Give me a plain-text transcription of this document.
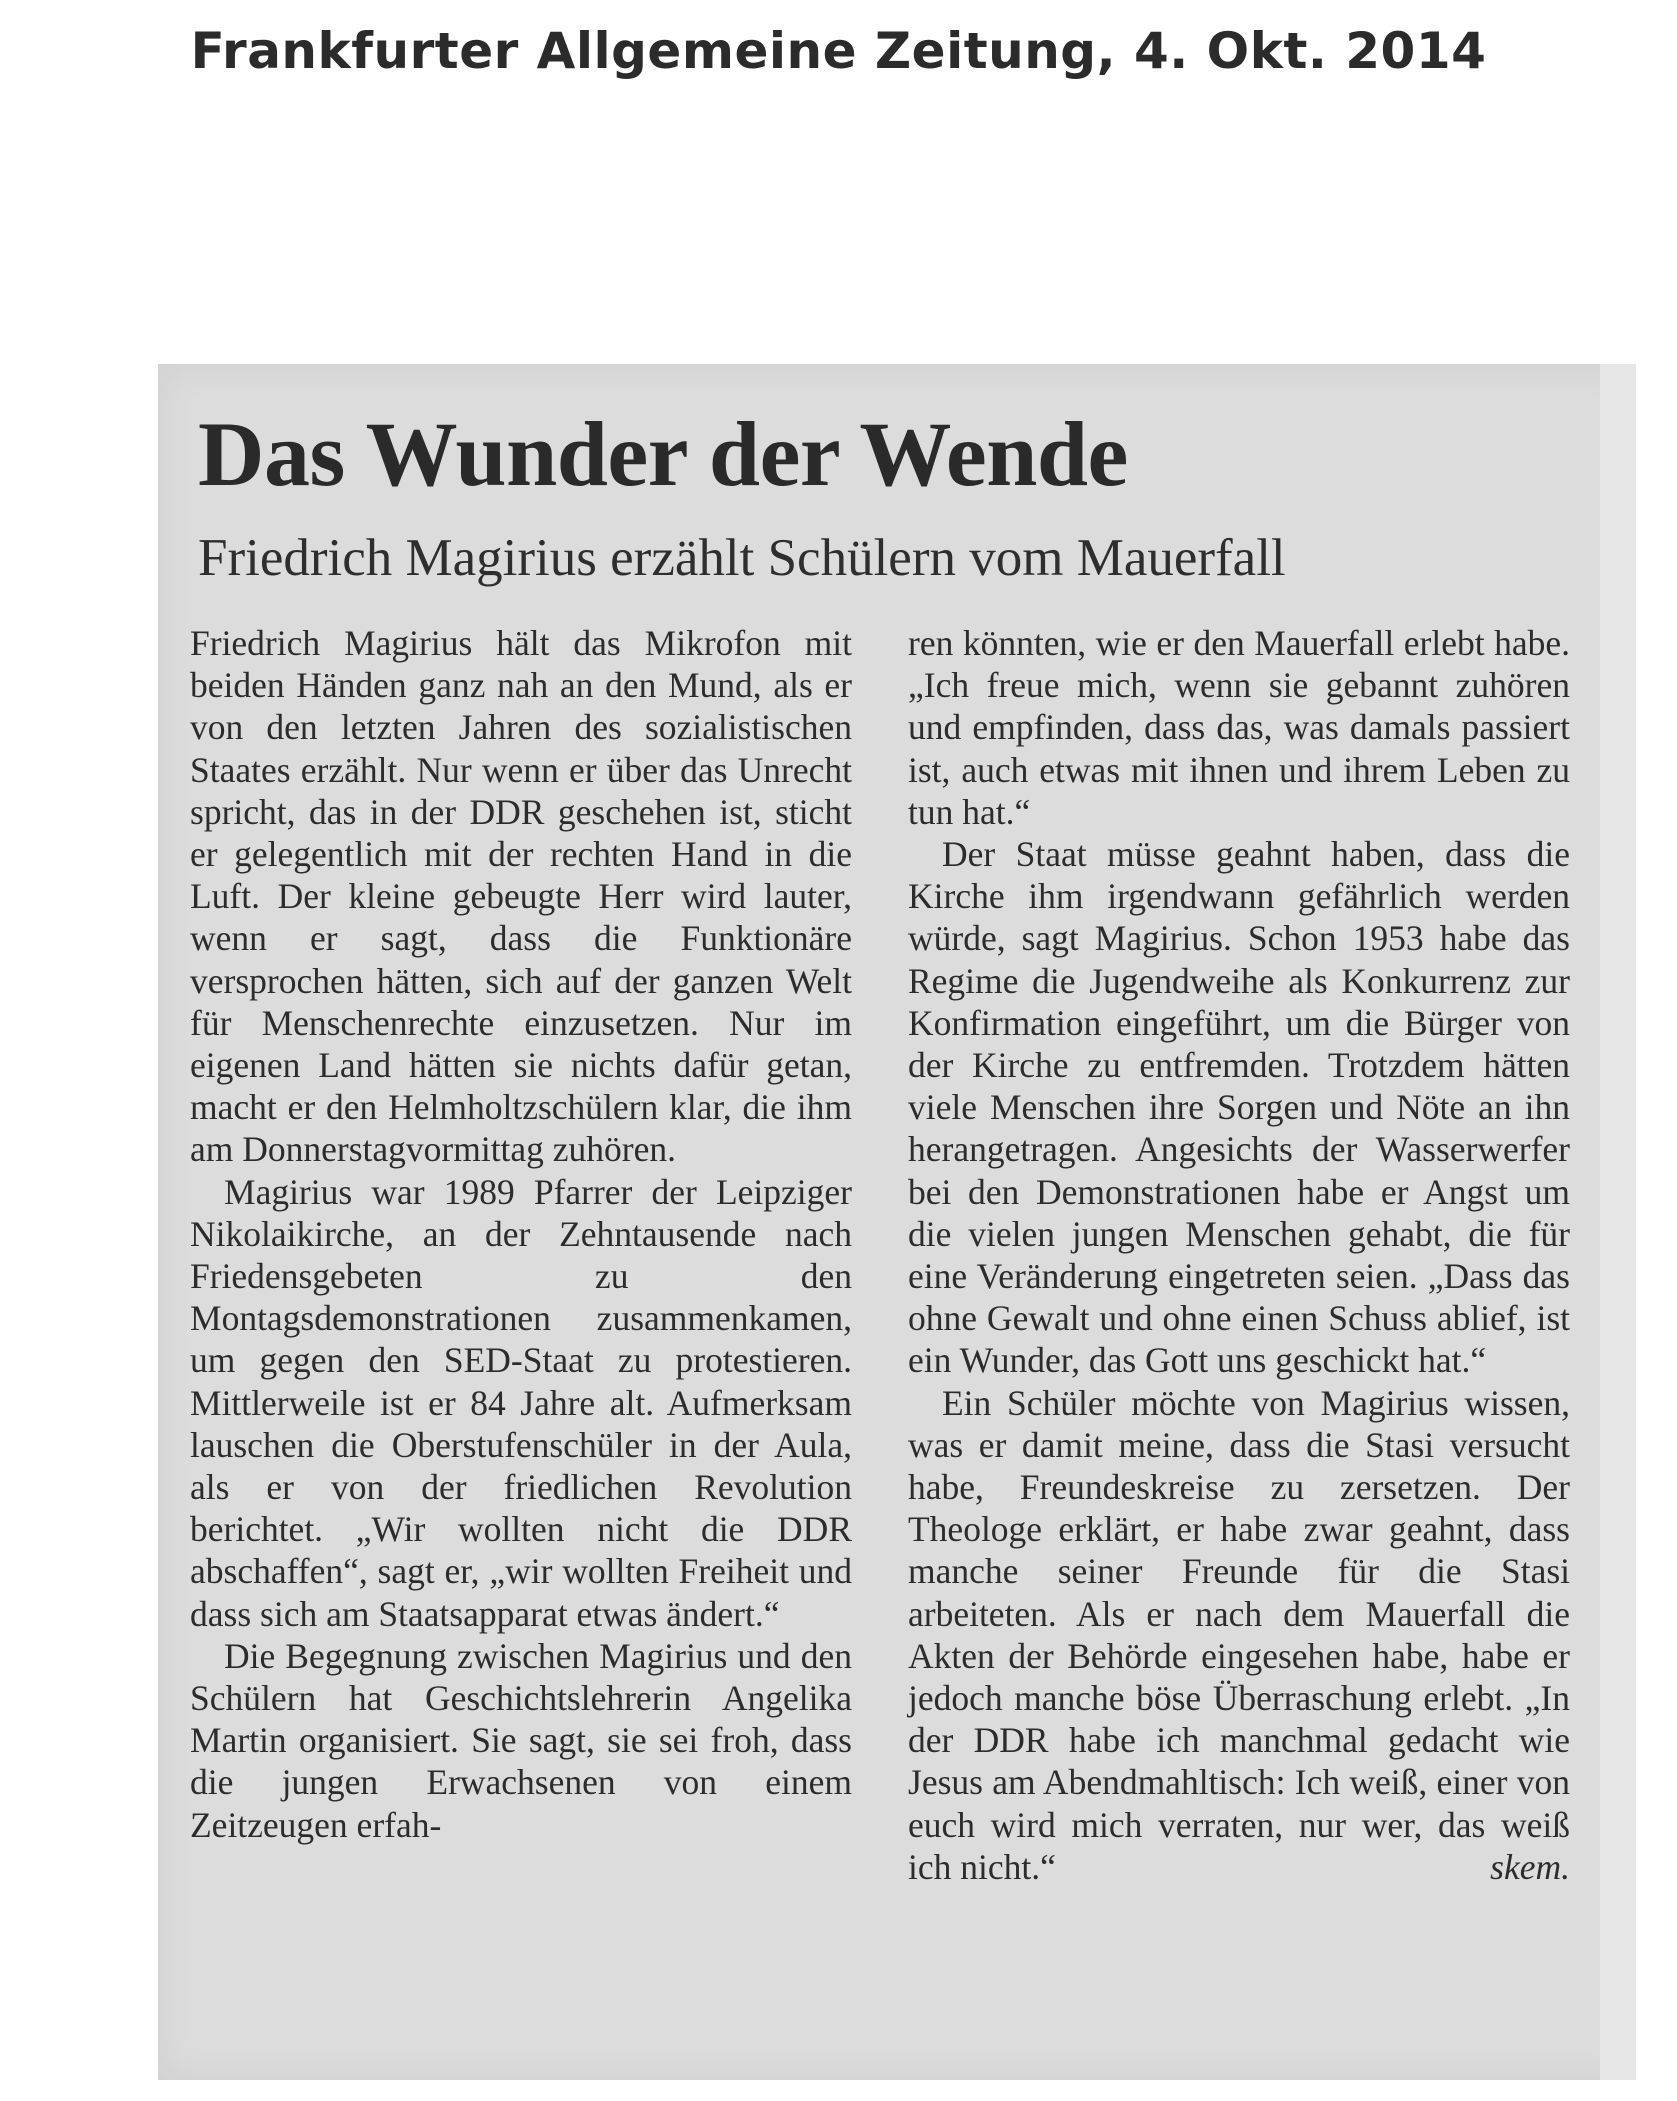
Frankfurter Allgemeine Zeitung, 4. Okt. 2014
Das Wunder der Wende
Friedrich Magirius erzählt Schülern vom Mauerfall

Friedrich Magirius hält das Mikrofon mit beiden Händen ganz nah an den Mund, als er von den letzten Jahren des sozialistischen Staates erzählt. Nur wenn er über das Unrecht spricht, das in der DDR geschehen ist, sticht er gelegentlich mit der rechten Hand in die Luft. Der kleine gebeugte Herr wird lauter, wenn er sagt, dass die Funktionäre versprochen hätten, sich auf der ganzen Welt für Menschenrechte einzusetzen. Nur im eigenen Land hätten sie nichts dafür getan, macht er den Helmholtzschülern klar, die ihm am Donnerstagvormittag zuhören.

Magirius war 1989 Pfarrer der Leipziger Nikolaikirche, an der Zehntausende nach Friedensgebeten zu den Montagsdemonstrationen zusammenkamen, um gegen den SED-Staat zu protestieren. Mittlerweile ist er 84 Jahre alt. Aufmerksam lauschen die Oberstufenschüler in der Aula, als er von der friedlichen Revolution berichtet. „Wir wollten nicht die DDR abschaffen“, sagt er, „wir wollten Freiheit und dass sich am Staatsapparat etwas ändert.“

Die Begegnung zwischen Magirius und den Schülern hat Geschichtslehrerin Angelika Martin organisiert. Sie sagt, sie sei froh, dass die jungen Erwachsenen von einem Zeitzeugen erfah-

ren könnten, wie er den Mauerfall erlebt habe. „Ich freue mich, wenn sie gebannt zuhören und empfinden, dass das, was damals passiert ist, auch etwas mit ihnen und ihrem Leben zu tun hat.“

Der Staat müsse geahnt haben, dass die Kirche ihm irgendwann gefährlich werden würde, sagt Magirius. Schon 1953 habe das Regime die Jugendweihe als Konkurrenz zur Konfirmation eingeführt, um die Bürger von der Kirche zu entfremden. Trotzdem hätten viele Menschen ihre Sorgen und Nöte an ihn herangetragen. Angesichts der Wasserwerfer bei den Demonstrationen habe er Angst um die vielen jungen Menschen gehabt, die für eine Veränderung eingetreten seien. „Dass das ohne Gewalt und ohne einen Schuss ablief, ist ein Wunder, das Gott uns geschickt hat.“

Ein Schüler möchte von Magirius wissen, was er damit meine, dass die Stasi versucht habe, Freundeskreise zu zersetzen. Der Theologe erklärt, er habe zwar geahnt, dass manche seiner Freunde für die Stasi arbeiteten. Als er nach dem Mauerfall die Akten der Behörde eingesehen habe, habe er jedoch manche böse Überraschung erlebt. „In der DDR habe ich manchmal gedacht wie Jesus am Abendmahltisch: Ich weiß, einer von euch wird mich verraten, nur wer, das weiß ich nicht.“	skem.
